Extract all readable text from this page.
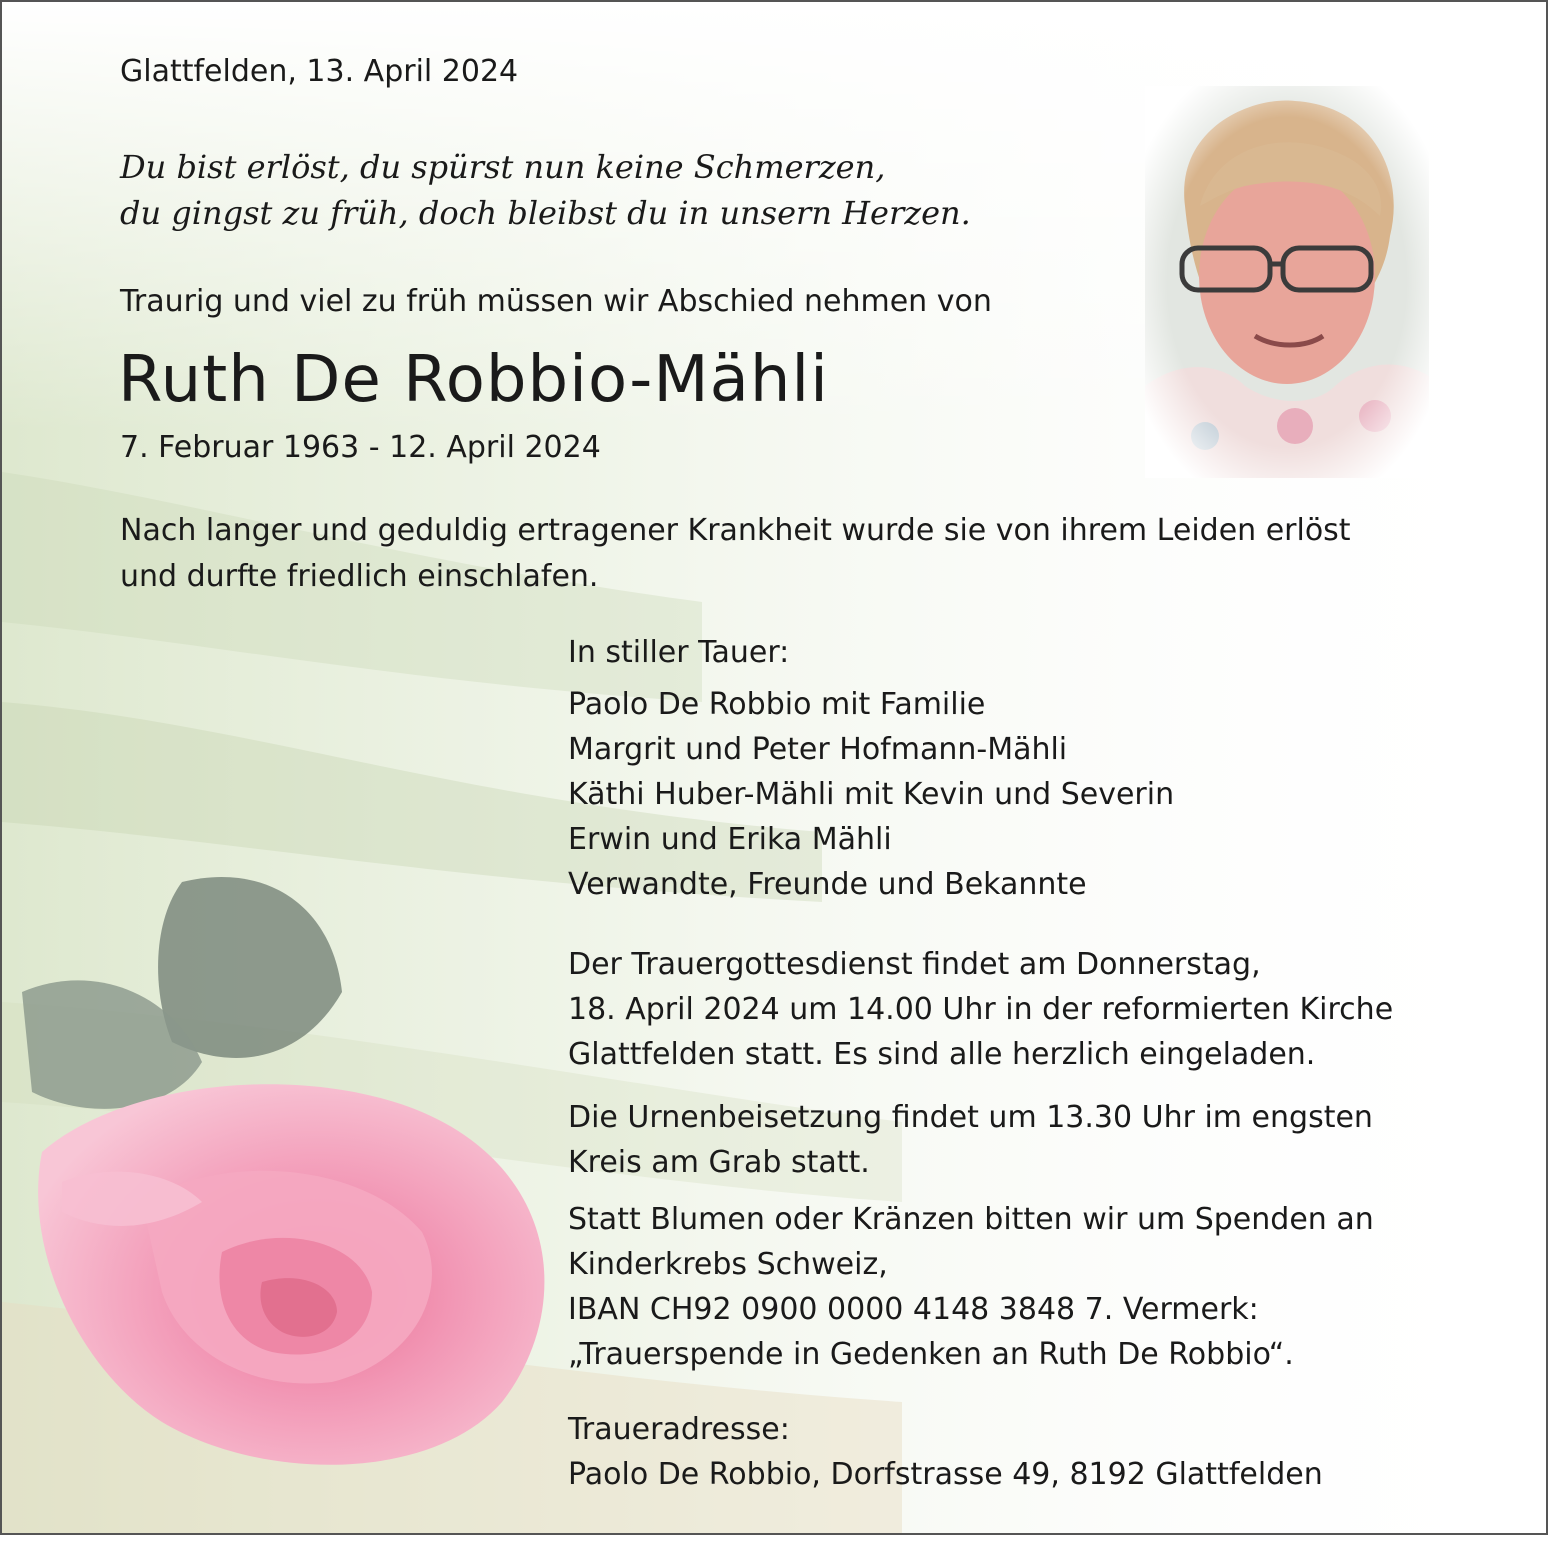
Glattfelden, 13. April 2024
Du bist erlöst, du spürst nun keine Schmerzen,
du gingst zu früh, doch bleibst du in unsern Herzen.
Traurig und viel zu früh müssen wir Abschied nehmen von
Ruth De Robbio-Mähli
7. Februar 1963 - 12. April 2024
Nach langer und geduldig ertragener Krankheit wurde sie von ihrem Leiden erlöst
und durfte friedlich einschlafen.
In stiller Tauer:
Paolo De Robbio mit Familie
Margrit und Peter Hofmann-Mähli
Käthi Huber-Mähli mit Kevin und Severin
Erwin und Erika Mähli
Verwandte, Freunde und Bekannte
Der Trauergottesdienst findet am Donnerstag,
18. April 2024 um 14.00 Uhr in der reformierten Kirche
Glattfelden statt. Es sind alle herzlich eingeladen.
Die Urnenbeisetzung findet um 13.30 Uhr im engsten
Kreis am Grab statt.
Statt Blumen oder Kränzen bitten wir um Spenden an
Kinderkrebs Schweiz,
IBAN CH92 0900 0000 4148 3848 7. Vermerk:
„Trauerspende in Gedenken an Ruth De Robbio“.
Traueradresse:
Paolo De Robbio, Dorfstrasse 49, 8192 Glattfelden
